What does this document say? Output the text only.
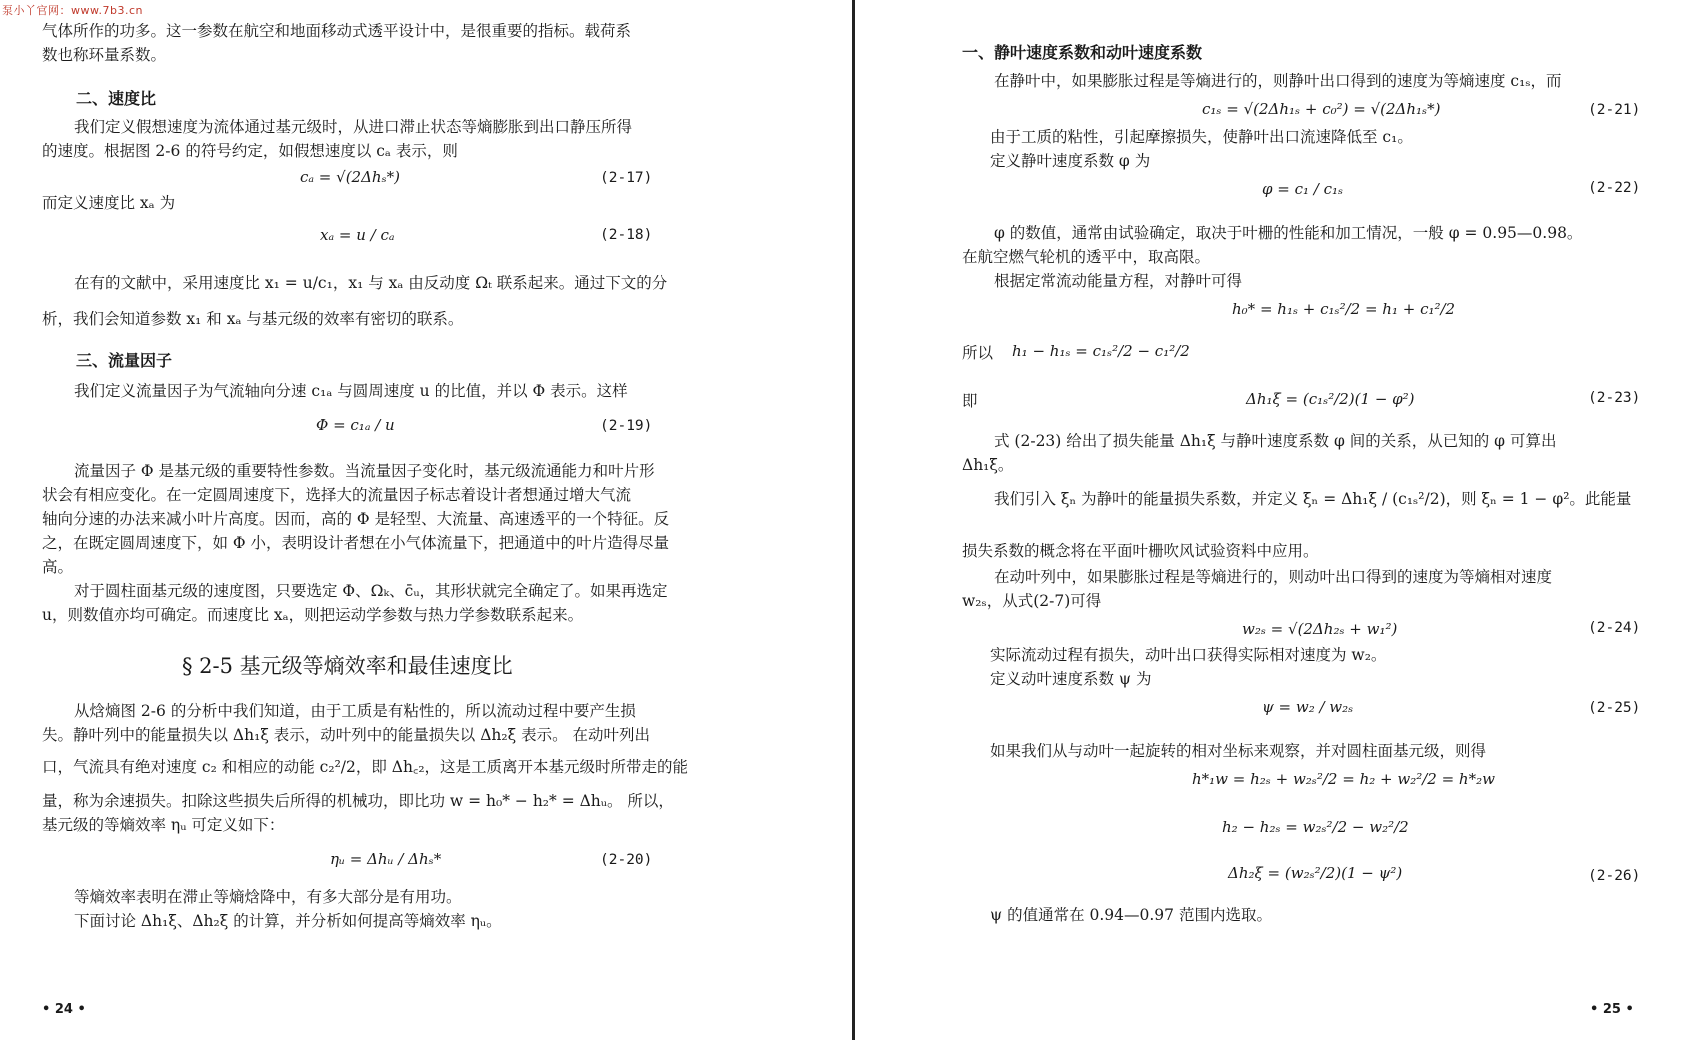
泵小丫官网：www.7b3.cn
气体所作的功多。这一参数在航空和地面移动式透平设计中，是很重要的指标。载荷系
数也称环量系数。
二、速度比
我们定义假想速度为流体通过基元级时，从进口滞止状态等熵膨胀到出口静压所得
的速度。根据图 2-6 的符号约定，如假想速度以 cₐ 表示，则
cₐ = √(2Δhₛ*)	(2-17)
而定义速度比 xₐ 为
xₐ = u / cₐ	(2-18)
在有的文献中，采用速度比 x₁ = u/c₁，x₁ 与 xₐ 由反动度 Ωₜ 联系起来。通过下文的分
析，我们会知道参数 x₁ 和 xₐ 与基元级的效率有密切的联系。
三、流量因子
我们定义流量因子为气流轴向分速 c₁ₐ 与圆周速度 u 的比值，并以 Φ 表示。这样
Φ = c₁ₐ / u	(2-19)
流量因子 Φ 是基元级的重要特性参数。当流量因子变化时，基元级流通能力和叶片形
状会有相应变化。在一定圆周速度下，选择大的流量因子标志着设计者想通过增大气流
轴向分速的办法来减小叶片高度。因而，高的 Φ 是轻型、大流量、高速透平的一个特征。反
之，在既定圆周速度下，如 Φ 小，表明设计者想在小气体流量下，把通道中的叶片造得尽量
高。
对于圆柱面基元级的速度图，只要选定 Φ、Ωₖ、c̄ᵤ，其形状就完全确定了。如果再选定
u，则数值亦均可确定。而速度比 xₐ，则把运动学参数与热力学参数联系起来。
§ 2-5 基元级等熵效率和最佳速度比
从焓熵图 2-6 的分析中我们知道，由于工质是有粘性的，所以流动过程中要产生损
失。静叶列中的能量损失以 Δh₁ξ 表示，动叶列中的能量损失以 Δh₂ξ 表示。 在动叶列出
口，气流具有绝对速度 c₂ 和相应的动能 c₂²/2，即 Δh꜀₂，这是工质离开本基元级时所带走的能
量，称为余速损失。扣除这些损失后所得的机械功，即比功 w = h₀* − h₂* = Δhᵤ。 所以，
基元级的等熵效率 ηᵤ 可定义如下：
ηᵤ = Δhᵤ / Δhₛ*	(2-20)
等熵效率表明在滞止等熵焓降中，有多大部分是有用功。
下面讨论 Δh₁ξ、Δh₂ξ 的计算，并分析如何提高等熵效率 ηᵤ。
• 24 •
一、静叶速度系数和动叶速度系数
在静叶中，如果膨胀过程是等熵进行的，则静叶出口得到的速度为等熵速度 c₁ₛ，而
c₁ₛ = √(2Δh₁ₛ + c₀²) = √(2Δh₁ₛ*)	(2-21)
由于工质的粘性，引起摩擦损失，使静叶出口流速降低至 c₁。
定义静叶速度系数 φ 为
φ = c₁ / c₁ₛ	(2-22)
φ 的数值，通常由试验确定，取决于叶栅的性能和加工情况，一般 φ = 0.95—0.98。
在航空燃气轮机的透平中，取高限。
根据定常流动能量方程，对静叶可得
h₀* = h₁ₛ + c₁ₛ²/2 = h₁ + c₁²/2
所以 h₁ − h₁ₛ = c₁ₛ²/2 − c₁²/2
即	Δh₁ξ = (c₁ₛ²/2)(1 − φ²)	(2-23)
式 (2-23) 给出了损失能量 Δh₁ξ 与静叶速度系数 φ 间的关系，从已知的 φ 可算出
Δh₁ξ。
我们引入 ξₙ 为静叶的能量损失系数，并定义 ξₙ = Δh₁ξ / (c₁ₛ²/2)，则 ξₙ = 1 − φ²。此能量
损失系数的概念将在平面叶栅吹风试验资料中应用。
在动叶列中，如果膨胀过程是等熵进行的，则动叶出口得到的速度为等熵相对速度
w₂ₛ，从式(2-7)可得
w₂ₛ = √(2Δh₂ₛ + w₁²)	(2-24)
实际流动过程有损失，动叶出口获得实际相对速度为 w₂。
定义动叶速度系数 ψ 为
ψ = w₂ / w₂ₛ	(2-25)
如果我们从与动叶一起旋转的相对坐标来观察，并对圆柱面基元级，则得
h*₁w = h₂ₛ + w₂ₛ²/2 = h₂ + w₂²/2 = h*₂w
h₂ − h₂ₛ = w₂ₛ²/2 − w₂²/2
Δh₂ξ = (w₂ₛ²/2)(1 − ψ²)	(2-26)
ψ 的值通常在 0.94—0.97 范围内选取。
• 25 •
